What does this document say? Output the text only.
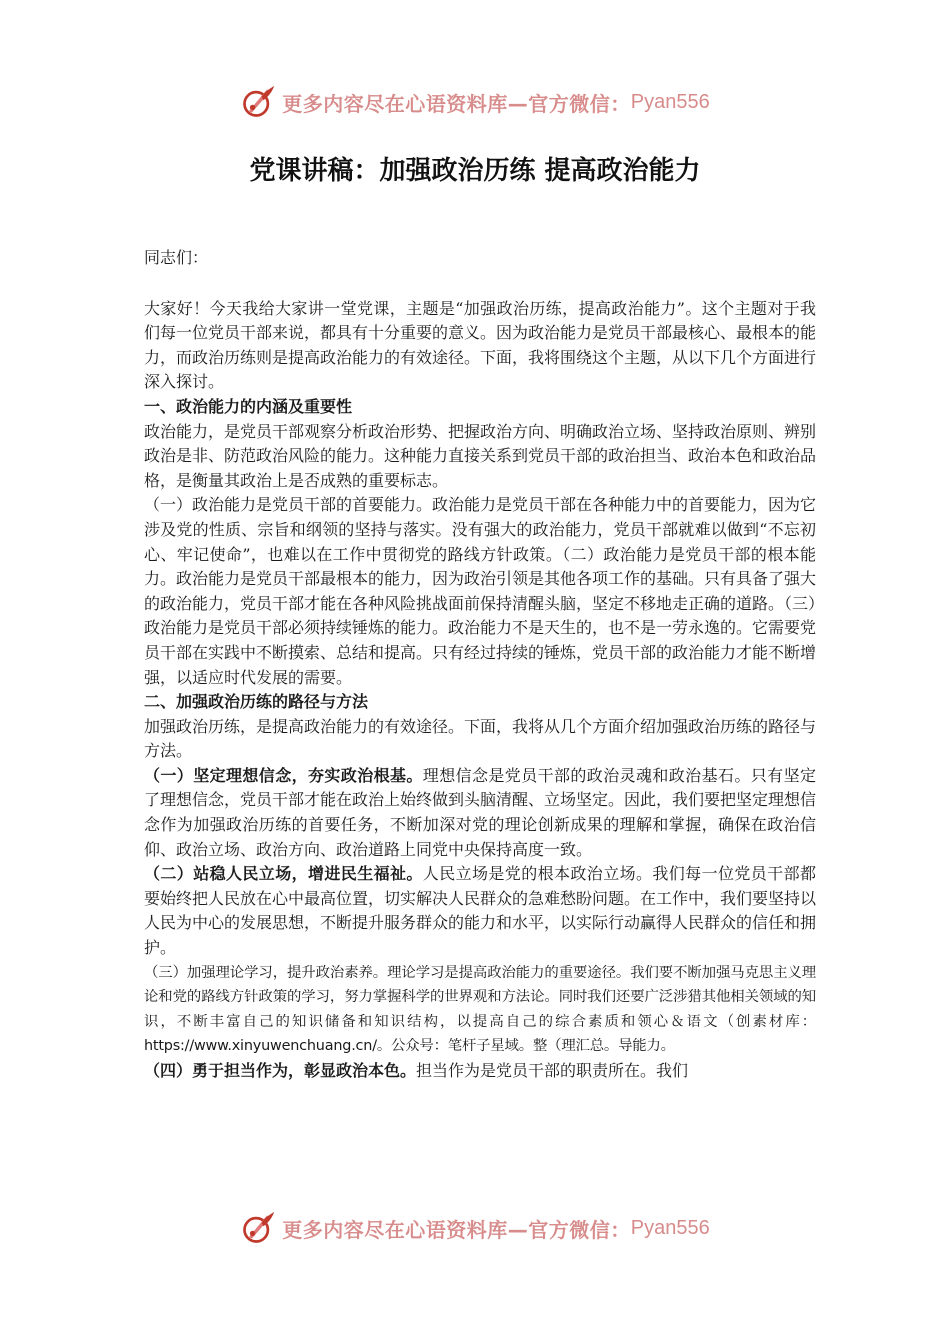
更多内容尽在心语资料库—官方微信： Pyan556
党课讲稿：加强政治历练 提高政治能力

同志们：

大家好！今天我给大家讲一堂党课，主题是“加强政治历练，提高政治能力”。这个主题对于我们每一位党员干部来说，都具有十分重要的意义。因为政治能力是党员干部最核心、最根本的能力，而政治历练则是提高政治能力的有效途径。下面，我将围绕这个主题，从以下几个方面进行深入探讨。

一、政治能力的内涵及重要性

政治能力，是党员干部观察分析政治形势、把握政治方向、明确政治立场、坚持政治原则、辨别政治是非、防范政治风险的能力。这种能力直接关系到党员干部的政治担当、政治本色和政治品格，是衡量其政治上是否成熟的重要标志。

（一）政治能力是党员干部的首要能力。政治能力是党员干部在各种能力中的首要能力，因为它涉及党的性质、宗旨和纲领的坚持与落实。没有强大的政治能力，党员干部就难以做到“不忘初心、牢记使命”，也难以在工作中贯彻党的路线方针政策。（二）政治能力是党员干部的根本能力。政治能力是党员干部最根本的能力，因为政治引领是其他各项工作的基础。只有具备了强大的政治能力，党员干部才能在各种风险挑战面前保持清醒头脑，坚定不移地走正确的道路。（三）政治能力是党员干部必须持续锤炼的能力。政治能力不是天生的，也不是一劳永逸的。它需要党员干部在实践中不断摸索、总结和提高。只有经过持续的锤炼，党员干部的政治能力才能不断增强，以适应时代发展的需要。

二、加强政治历练的路径与方法

加强政治历练，是提高政治能力的有效途径。下面，我将从几个方面介绍加强政治历练的路径与方法。

（一）坚定理想信念，夯实政治根基。理想信念是党员干部的政治灵魂和政治基石。只有坚定了理想信念，党员干部才能在政治上始终做到头脑清醒、立场坚定。因此，我们要把坚定理想信念作为加强政治历练的首要任务，不断加深对党的理论创新成果的理解和掌握，确保在政治信仰、政治立场、政治方向、政治道路上同党中央保持高度一致。

（二）站稳人民立场，增进民生福祉。人民立场是党的根本政治立场。我们每一位党员干部都要始终把人民放在心中最高位置，切实解决人民群众的急难愁盼问题。在工作中，我们要坚持以人民为中心的发展思想，不断提升服务群众的能力和水平，以实际行动赢得人民群众的信任和拥护。

（三）加强理论学习，提升政治素养。理论学习是提高政治能力的重要途径。我们要不断加强马克思主义理论和党的路线方针政策的学习，努力掌握科学的世界观和方法论。同时我们还要广泛涉猎其他相关领域的知识，不断丰富自己的知识储备和知识结构，以提高自己的综合素质和领心＆语文（创素材库：https://www.xinyuwenchuang.cn/。公众号：笔杆子星域。整（理汇总。导能力。

（四）勇于担当作为，彰显政治本色。担当作为是党员干部的职责所在。我们

更多内容尽在心语资料库—官方微信： Pyan556
